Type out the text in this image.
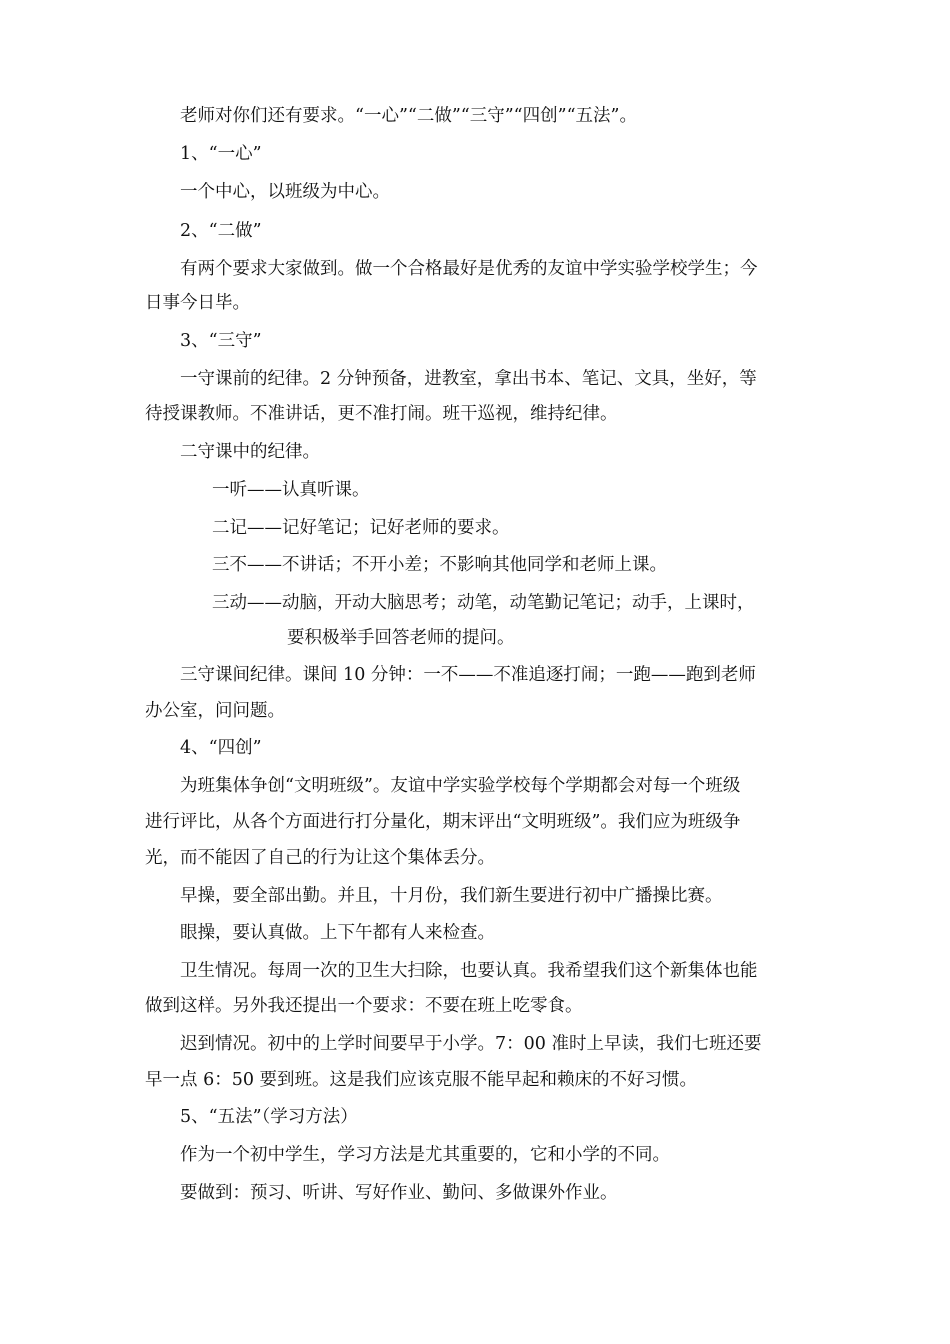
老师对你们还有要求。“一心”“二做”“三守”“四创”“五法”。
1、“一心”
一个中心，以班级为中心。
2、“二做”
有两个要求大家做到。做一个合格最好是优秀的友谊中学实验学校学生；今
日事今日毕。
3、“三守”
一守课前的纪律。2 分钟预备，进教室，拿出书本、笔记、文具，坐好，等
待授课教师。不准讲话，更不准打闹。班干巡视，维持纪律。
二守课中的纪律。
一听——认真听课。
二记——记好笔记；记好老师的要求。
三不——不讲话；不开小差；不影响其他同学和老师上课。
三动——动脑，开动大脑思考；动笔，动笔勤记笔记；动手，上课时，
要积极举手回答老师的提问。
三守课间纪律。课间 10 分钟：一不——不准追逐打闹；一跑——跑到老师
办公室，问问题。
4、“四创”
为班集体争创“文明班级”。友谊中学实验学校每个学期都会对每一个班级
进行评比，从各个方面进行打分量化，期末评出“文明班级”。我们应为班级争
光，而不能因了自己的行为让这个集体丢分。
早操，要全部出勤。并且，十月份，我们新生要进行初中广播操比赛。
眼操，要认真做。上下午都有人来检查。
卫生情况。每周一次的卫生大扫除，也要认真。我希望我们这个新集体也能
做到这样。另外我还提出一个要求：不要在班上吃零食。
迟到情况。初中的上学时间要早于小学。7：00 准时上早读，我们七班还要
早一点 6：50 要到班。这是我们应该克服不能早起和赖床的不好习惯。
5、“五法”（学习方法）
作为一个初中学生，学习方法是尤其重要的，它和小学的不同。
要做到：预习、听讲、写好作业、勤问、多做课外作业。
